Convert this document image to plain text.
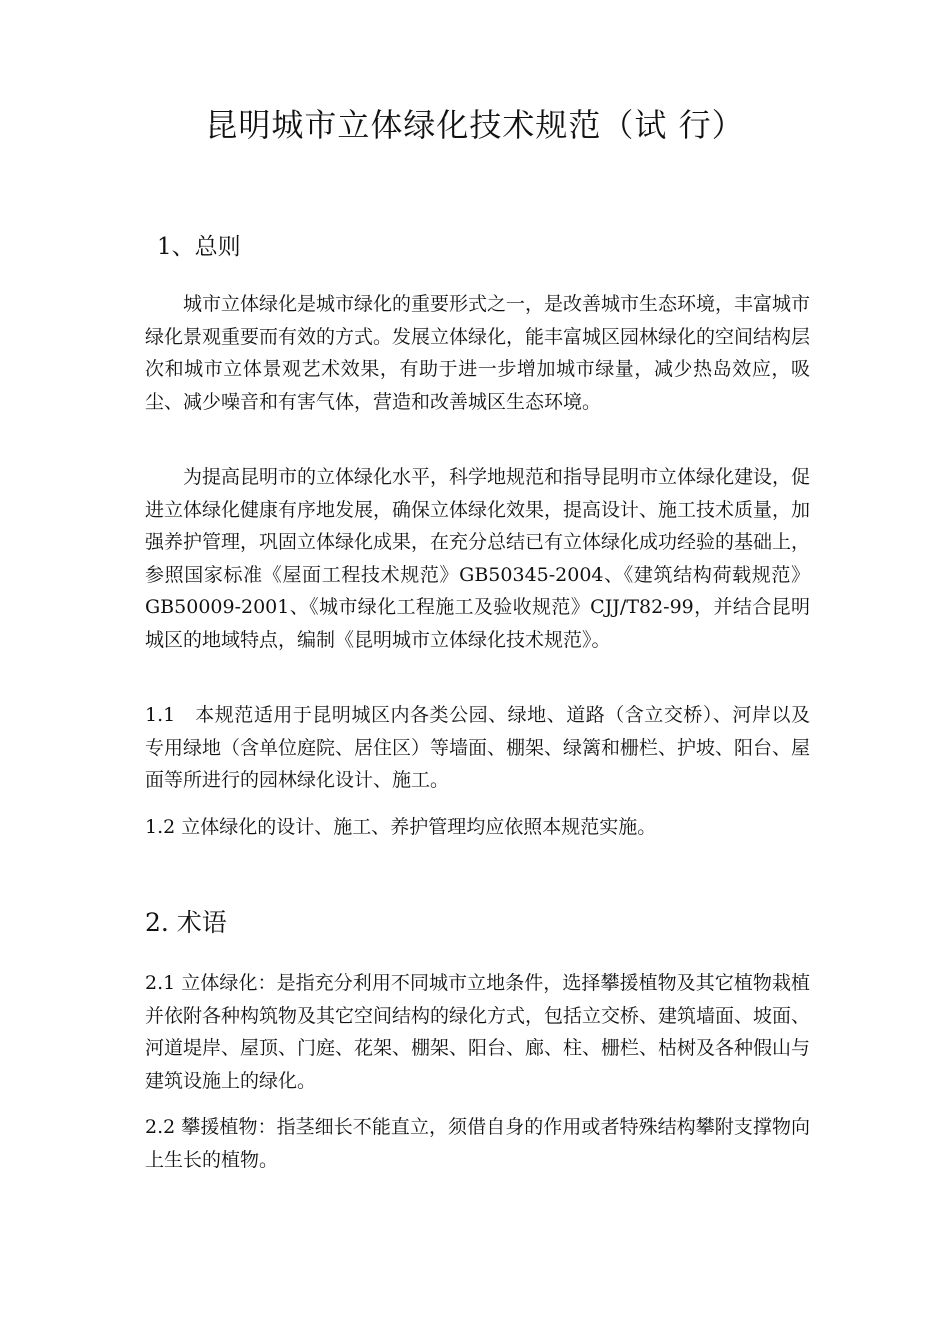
昆明城市立体绿化技术规范（试 行）
1、总则

城市立体绿化是城市绿化的重要形式之一，是改善城市生态环境，丰富城市绿化景观重要而有效的方式。发展立体绿化，能丰富城区园林绿化的空间结构层次和城市立体景观艺术效果，有助于进一步增加城市绿量，减少热岛效应，吸尘、减少噪音和有害气体，营造和改善城区生态环境。

为提高昆明市的立体绿化水平，科学地规范和指导昆明市立体绿化建设，促进立体绿化健康有序地发展，确保立体绿化效果，提高设计、施工技术质量，加强养护管理，巩固立体绿化成果，在充分总结已有立体绿化成功经验的基础上，参照国家标准《屋面工程技术规范》GB50345-2004、《建筑结构荷载规范》GB50009-2001、《城市绿化工程施工及验收规范》CJJ/T82-99，并结合昆明城区的地域特点，编制《昆明城市立体绿化技术规范》。

1.1　本规范适用于昆明城区内各类公园、绿地、道路（含立交桥）、河岸以及专用绿地（含单位庭院、居住区）等墙面、棚架、绿篱和栅栏、护坡、阳台、屋面等所进行的园林绿化设计、施工。

1.2 立体绿化的设计、施工、养护管理均应依照本规范实施。

2. 术语

2.1 立体绿化：是指充分利用不同城市立地条件，选择攀援植物及其它植物栽植并依附各种构筑物及其它空间结构的绿化方式，包括立交桥、建筑墙面、坡面、河道堤岸、屋顶、门庭、花架、棚架、阳台、廊、柱、栅栏、枯树及各种假山与建筑设施上的绿化。

2.2 攀援植物：指茎细长不能直立，须借自身的作用或者特殊结构攀附支撑物向上生长的植物。
